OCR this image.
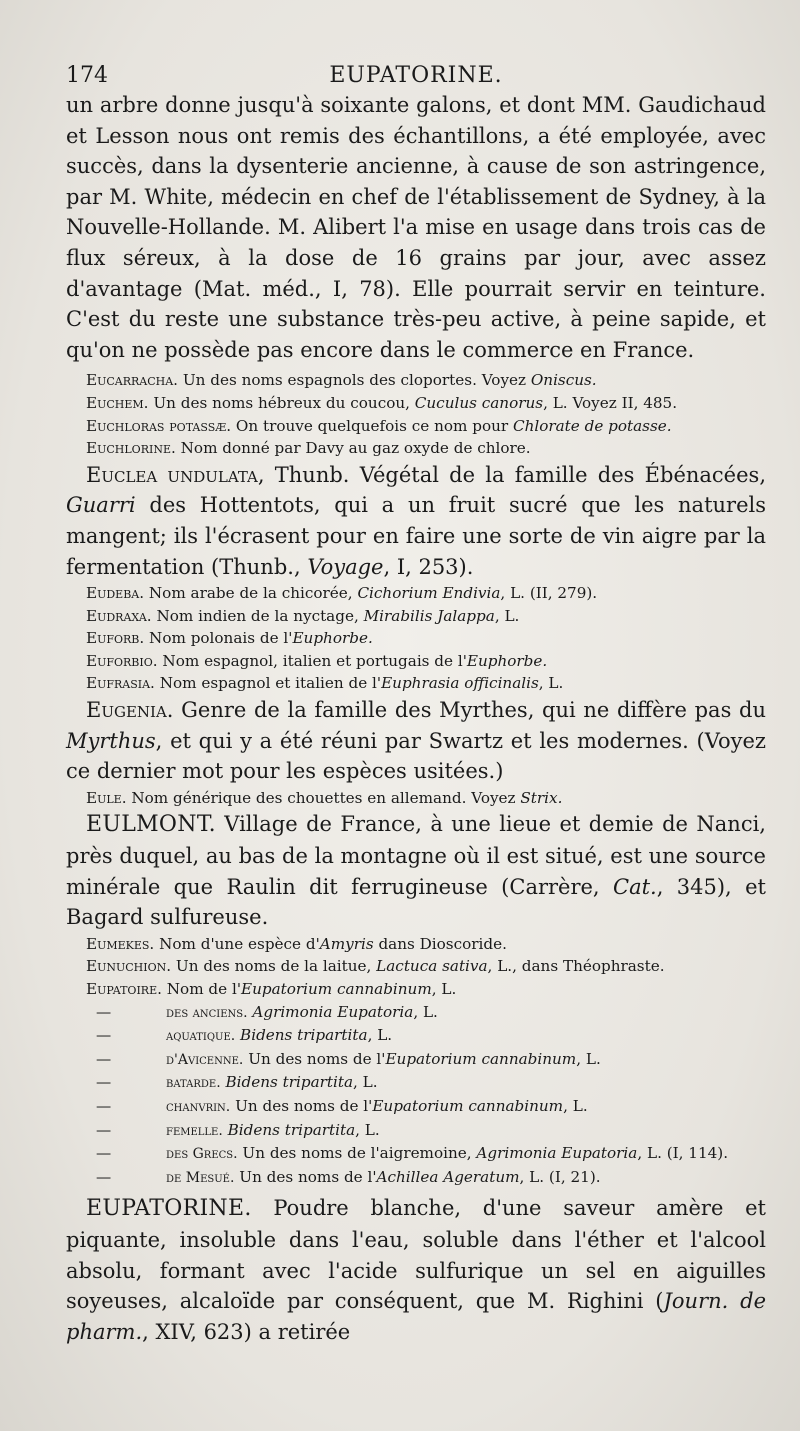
174	EUPATORINE.

un arbre donne jusqu'à soixante galons, et dont MM. Gaudichaud et Lesson nous ont remis des échantillons, a été employée, avec succès, dans la dysenterie ancienne, à cause de son astringence, par M. White, médecin en chef de l'établissement de Sydney, à la Nouvelle-Hollande. M. Alibert l'a mise en usage dans trois cas de flux séreux, à la dose de 16 grains par jour, avec assez d'avantage (Mat. méd., I, 78). Elle pourrait servir en teinture. C'est du reste une substance très-peu active, à peine sapide, et qu'on ne possède pas encore dans le commerce en France.

Eucarracha. Un des noms espagnols des cloportes. Voyez Oniscus.

Euchem. Un des noms hébreux du coucou, Cuculus canorus, L. Voyez II, 485.

Euchloras potassæ. On trouve quelquefois ce nom pour Chlorate de potasse.

Euchlorine. Nom donné par Davy au gaz oxyde de chlore.

Euclea undulata, Thunb. Végétal de la famille des Ébénacées, Guarri des Hottentots, qui a un fruit sucré que les naturels mangent; ils l'écrasent pour en faire une sorte de vin aigre par la fermentation (Thunb., Voyage, I, 253).

Eudeba. Nom arabe de la chicorée, Cichorium Endivia, L. (II, 279).

Eudraxa. Nom indien de la nyctage, Mirabilis Jalappa, L.

Euforb. Nom polonais de l'Euphorbe.

Euforbio. Nom espagnol, italien et portugais de l'Euphorbe.

Eufrasia. Nom espagnol et italien de l'Euphrasia officinalis, L.

Eugenia. Genre de la famille des Myrthes, qui ne diffère pas du Myrthus, et qui y a été réuni par Swartz et les modernes. (Voyez ce dernier mot pour les espèces usitées.)

Eule. Nom générique des chouettes en allemand. Voyez Strix.

EULMONT. Village de France, à une lieue et demie de Nanci, près duquel, au bas de la montagne où il est situé, est une source minérale que Raulin dit ferrugineuse (Carrère, Cat., 345), et Bagard sulfureuse.

Eumekes. Nom d'une espèce d'Amyris dans Dioscoride.

Eunuchion. Un des noms de la laitue, Lactuca sativa, L., dans Théophraste.

Eupatoire. Nom de l'Eupatorium cannabinum, L.

—	des anciens. Agrimonia Eupatoria, L.

—	aquatique. Bidens tripartita, L.

—	d'Avicenne. Un des noms de l'Eupatorium cannabinum, L.

—	batarde. Bidens tripartita, L.

—	chanvrin. Un des noms de l'Eupatorium cannabinum, L.

—	femelle. Bidens tripartita, L.

—	des Grecs. Un des noms de l'aigremoine, Agrimonia Eupatoria, L. (I, 114).

—	de Mesué. Un des noms de l'Achillea Ageratum, L. (I, 21).

EUPATORINE. Poudre blanche, d'une saveur amère et piquante, insoluble dans l'eau, soluble dans l'éther et l'alcool absolu, formant avec l'acide sulfurique un sel en aiguilles soyeuses, alcaloïde par conséquent, que M. Righini (Journ. de pharm., XIV, 623) a retirée
